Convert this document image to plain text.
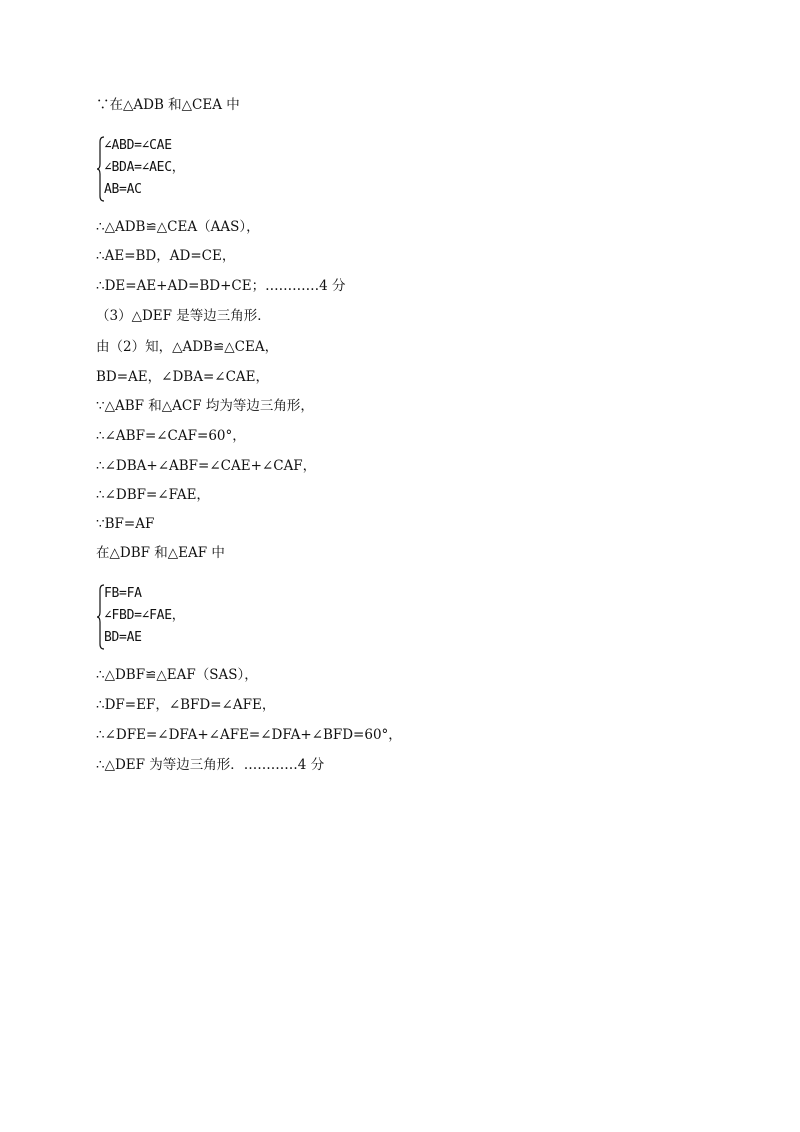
∵在△ADB 和△CEA 中
∠ABD=∠CAE
∠BDA=∠AEC，
AB=AC
∴△ADB≌△CEA（AAS），
∴AE=BD，AD=CE，
∴DE=AE+AD=BD+CE；…………4 分
（3）△DEF 是等边三角形．
由（2）知，△ADB≌△CEA，
BD=AE，∠DBA=∠CAE，
∵△ABF 和△ACF 均为等边三角形，
∴∠ABF=∠CAF=60°，
∴∠DBA+∠ABF=∠CAE+∠CAF，
∴∠DBF=∠FAE，
∵BF=AF
在△DBF 和△EAF 中
FB=FA
∠FBD=∠FAE，
BD=AE
∴△DBF≌△EAF（SAS），
∴DF=EF，∠BFD=∠AFE，
∴∠DFE=∠DFA+∠AFE=∠DFA+∠BFD=60°，
∴△DEF 为等边三角形．…………4 分
